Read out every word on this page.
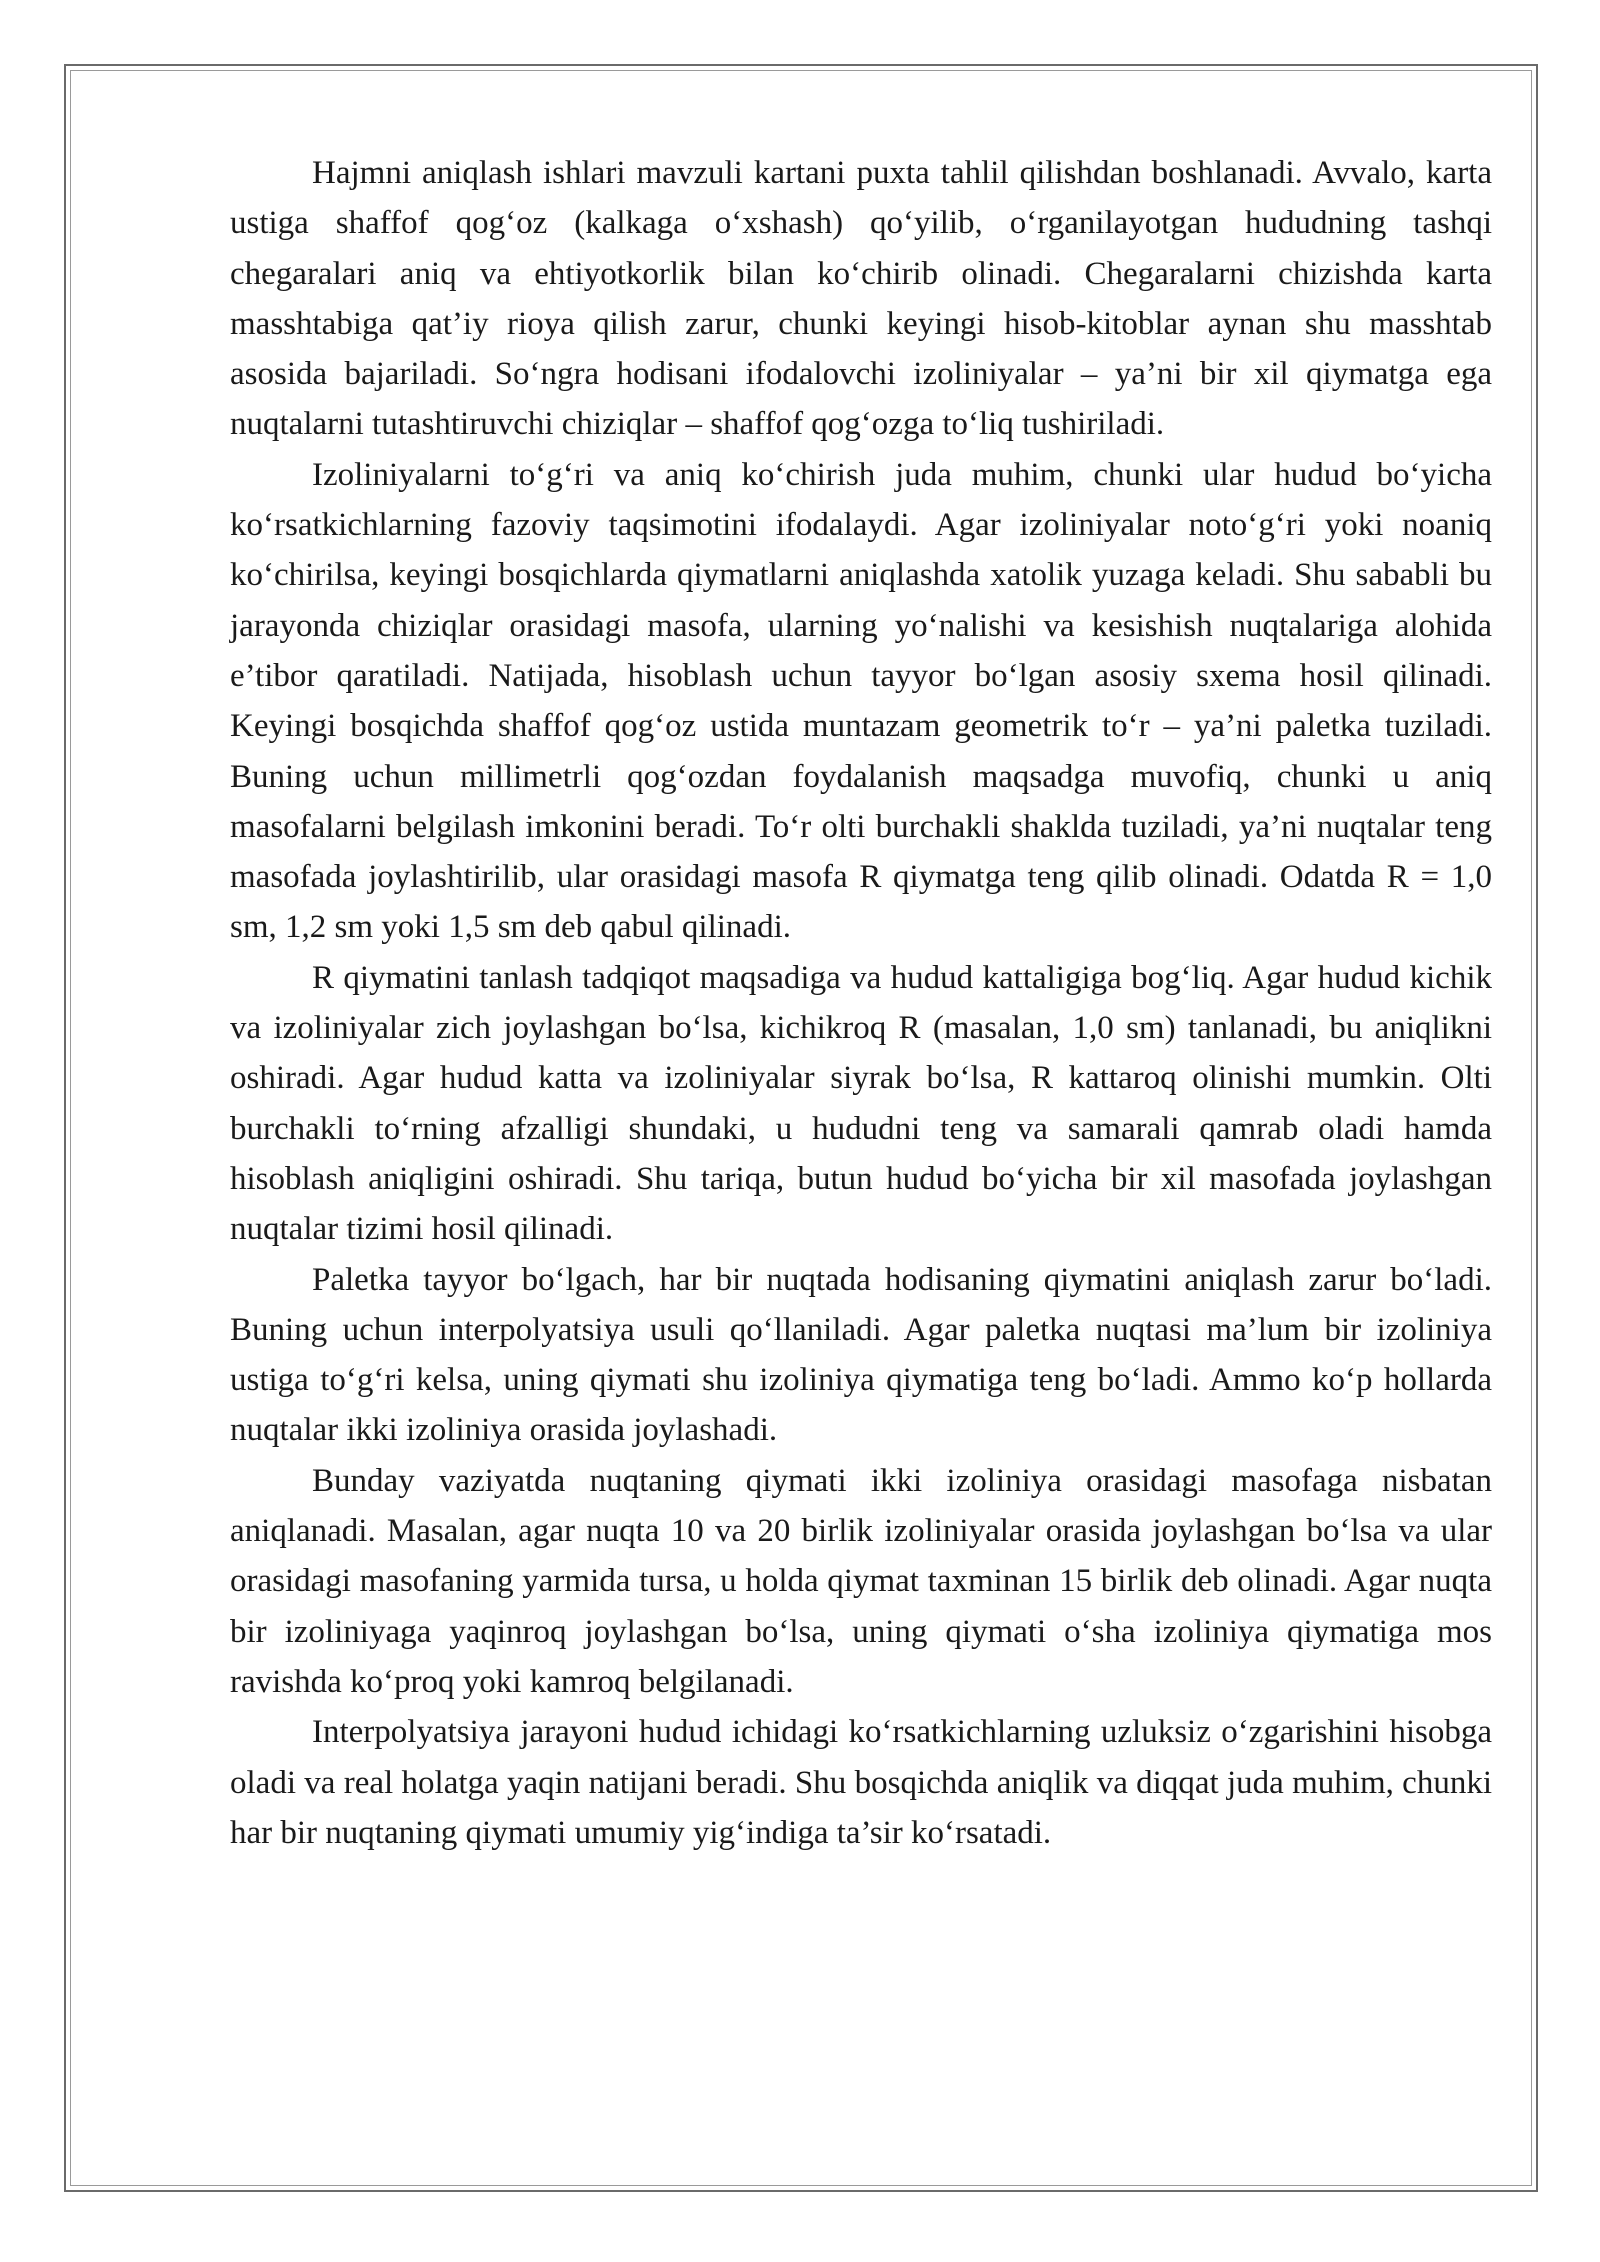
Hajmni aniqlash ishlari mavzuli kartani puxta tahlil qilishdan boshlanadi. Avvalo, karta ustiga shaffof qog‘oz (kalkaga o‘xshash) qo‘yilib, o‘rganilayotgan hududning tashqi chegaralari aniq va ehtiyotkorlik bilan ko‘chirib olinadi. Chegaralarni chizishda karta masshtabiga qat’iy rioya qilish zarur, chunki keyingi hisob-kitoblar aynan shu masshtab asosida bajariladi. So‘ngra hodisani ifodalovchi izoliniyalar – ya’ni bir xil qiymatga ega nuqtalarni tutashtiruvchi chiziqlar – shaffof qog‘ozga to‘liq tushiriladi.

Izoliniyalarni to‘g‘ri va aniq ko‘chirish juda muhim, chunki ular hudud bo‘yicha ko‘rsatkichlarning fazoviy taqsimotini ifodalaydi. Agar izoliniyalar noto‘g‘ri yoki noaniq ko‘chirilsa, keyingi bosqichlarda qiymatlarni aniqlashda xatolik yuzaga keladi. Shu sababli bu jarayonda chiziqlar orasidagi masofa, ularning yo‘nalishi va kesishish nuqtalariga alohida e’tibor qaratiladi. Natijada, hisoblash uchun tayyor bo‘lgan asosiy sxema hosil qilinadi. Keyingi bosqichda shaffof qog‘oz ustida muntazam geometrik to‘r – ya’ni paletka tuziladi. Buning uchun millimetrli qog‘ozdan foydalanish maqsadga muvofiq, chunki u aniq masofalarni belgilash imkonini beradi. To‘r olti burchakli shaklda tuziladi, ya’ni nuqtalar teng masofada joylashtirilib, ular orasidagi masofa R qiymatga teng qilib olinadi. Odatda R = 1,0 sm, 1,2 sm yoki 1,5 sm deb qabul qilinadi.

R qiymatini tanlash tadqiqot maqsadiga va hudud kattaligiga bog‘liq. Agar hudud kichik va izoliniyalar zich joylashgan bo‘lsa, kichikroq R (masalan, 1,0 sm) tanlanadi, bu aniqlikni oshiradi. Agar hudud katta va izoliniyalar siyrak bo‘lsa, R kattaroq olinishi mumkin. Olti burchakli to‘rning afzalligi shundaki, u hududni teng va samarali qamrab oladi hamda hisoblash aniqligini oshiradi. Shu tariqa, butun hudud bo‘yicha bir xil masofada joylashgan nuqtalar tizimi hosil qilinadi.

Paletka tayyor bo‘lgach, har bir nuqtada hodisaning qiymatini aniqlash zarur bo‘ladi. Buning uchun interpolyatsiya usuli qo‘llaniladi. Agar paletka nuqtasi ma’lum bir izoliniya ustiga to‘g‘ri kelsa, uning qiymati shu izoliniya qiymatiga teng bo‘ladi. Ammo ko‘p hollarda nuqtalar ikki izoliniya orasida joylashadi.

Bunday vaziyatda nuqtaning qiymati ikki izoliniya orasidagi masofaga nisbatan aniqlanadi. Masalan, agar nuqta 10 va 20 birlik izoliniyalar orasida joylashgan bo‘lsa va ular orasidagi masofaning yarmida tursa, u holda qiymat taxminan 15 birlik deb olinadi. Agar nuqta bir izoliniyaga yaqinroq joylashgan bo‘lsa, uning qiymati o‘sha izoliniya qiymatiga mos ravishda ko‘proq yoki kamroq belgilanadi.

Interpolyatsiya jarayoni hudud ichidagi ko‘rsatkichlarning uzluksiz o‘zgarishini hisobga oladi va real holatga yaqin natijani beradi. Shu bosqichda aniqlik va diqqat juda muhim, chunki har bir nuqtaning qiymati umumiy yig‘indiga ta’sir ko‘rsatadi.
